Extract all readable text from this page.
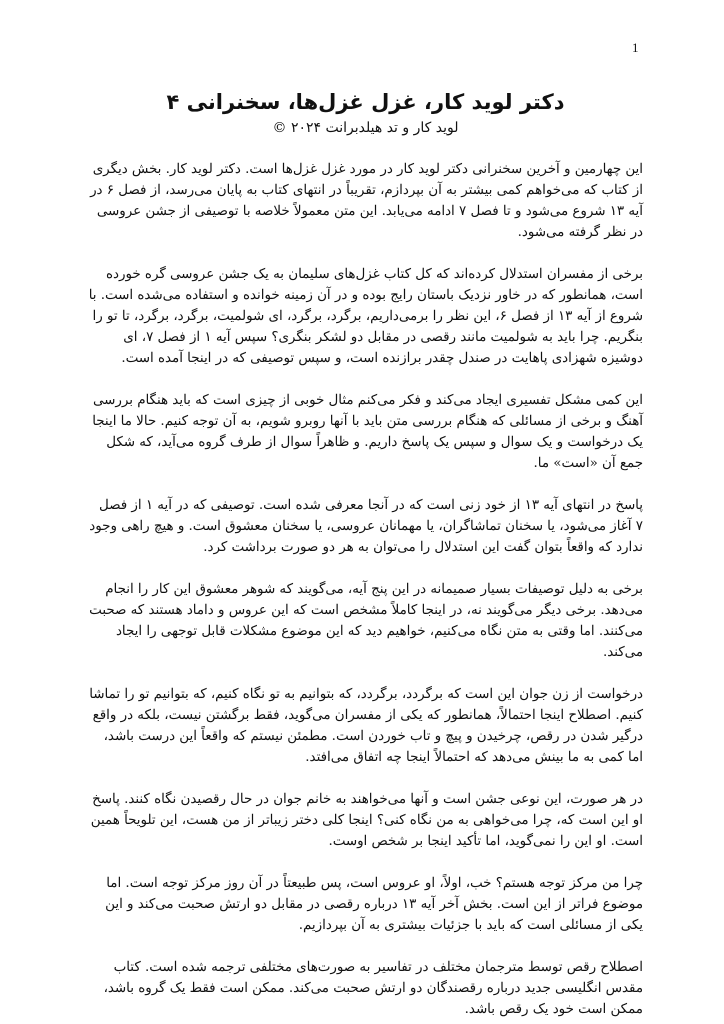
1
دکتر لوید کار، غزل غزل‌ها، سخنرانی ۴
لوید کار و تد هیلدبرانت ۲۰۲۴ ©

این چهارمین و آخرین سخنرانی دکتر لوید کار در مورد غزل غزل‌ها است. دکتر لوید کار. بخش دیگری از کتاب که می‌خواهم کمی بیشتر به آن بپردازم، تقریباً در انتهای کتاب به پایان می‌رسد، از فصل ۶ در آیه ۱۳ شروع می‌شود و تا فصل ۷ ادامه می‌یابد. این متن معمولاً خلاصه با توصیفی از جشن عروسی در نظر گرفته می‌شود.

برخی از مفسران استدلال کرده‌اند که کل کتاب غزل‌های سلیمان به یک جشن عروسی گره خورده است، همانطور که در خاور نزدیک باستان رایج بوده و در آن زمینه خوانده و استفاده می‌شده است. با شروع از آیه ۱۳ از فصل ۶، این نظر را برمی‌داریم، برگرد، برگرد، ای شولمیت، برگرد، برگرد، تا تو را بنگریم. چرا باید به شولمیت مانند رقصی در مقابل دو لشکر بنگری؟ سپس آیه ۱ از فصل ۷، ای دوشیزه شهزادی پاهایت در صندل چقدر برازنده است، و سپس توصیفی که در اینجا آمده است.

این کمی مشکل تفسیری ایجاد می‌کند و فکر می‌کنم مثال خوبی از چیزی است که باید هنگام بررسی آهنگ و برخی از مسائلی که هنگام بررسی متن باید با آنها روبرو شویم، به آن توجه کنیم. حالا ما اینجا یک درخواست و یک سوال و سپس یک پاسخ داریم. و ظاهراً سوال از طرف گروه می‌آید، که شکل جمع آن «است» ما.

پاسخ در انتهای آیه ۱۳ از خود زنی است که در آنجا معرفی شده است. توصیفی که در آیه ۱ از فصل ۷ آغاز می‌شود، یا سخنان تماشاگران، یا مهمانان عروسی، یا سخنان معشوق است. و هیچ راهی وجود ندارد که واقعاً بتوان گفت این استدلال را می‌توان به هر دو صورت برداشت کرد.

برخی به دلیل توصیفات بسیار صمیمانه در این پنج آیه، می‌گویند که شوهر معشوق این کار را انجام می‌دهد. برخی دیگر می‌گویند نه، در اینجا کاملاً مشخص است که این عروس و داماد هستند که صحبت می‌کنند. اما وقتی به متن نگاه می‌کنیم، خواهیم دید که این موضوع مشکلات قابل توجهی را ایجاد می‌کند.

درخواست از زن جوان این است که برگردد، برگردد، که بتوانیم به تو نگاه کنیم، که بتوانیم تو را تماشا کنیم. اصطلاح اینجا احتمالاً، همانطور که یکی از مفسران می‌گوید، فقط برگشتن نیست، بلکه در واقع درگیر شدن در رقص، چرخیدن و پیچ و تاب خوردن است. مطمئن نیستم که واقعاً این درست باشد، اما کمی به ما بینش می‌دهد که احتمالاً اینجا چه اتفاق می‌افتد.

در هر صورت، این نوعی جشن است و آنها می‌خواهند به خانم جوان در حال رقصیدن نگاه کنند. پاسخ او این است که، چرا می‌خواهی به من نگاه کنی؟ اینجا کلی دختر زیباتر از من هست، این تلویحاً همین است. او این را نمی‌گوید، اما تأکید اینجا بر شخص اوست.

چرا من مرکز توجه هستم؟ خب، اولاً، او عروس است، پس طبیعتاً در آن روز مرکز توجه است. اما موضوع فراتر از این است. بخش آخر آیه ۱۳ درباره رقصی در مقابل دو ارتش صحبت می‌کند و این یکی از مسائلی است که باید با جزئیات بیشتری به آن بپردازیم.

اصطلاح رقص توسط مترجمان مختلف در تفاسیر به صورت‌های مختلفی ترجمه شده است. کتاب مقدس انگلیسی جدید درباره رقصندگان دو ارتش صحبت می‌کند. ممکن است فقط یک گروه باشد، ممکن است خود یک رقص باشد.
